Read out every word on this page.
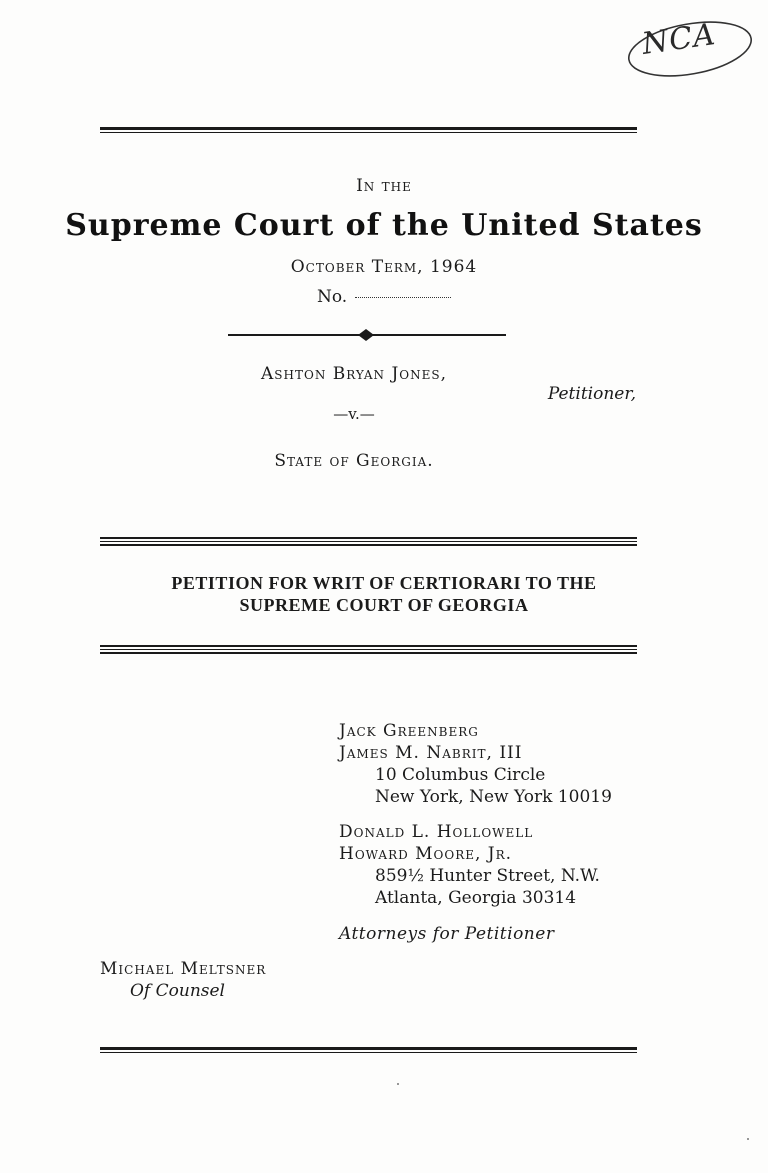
NCA
In the
Supreme Court of the United States
October Term, 1964
No.
Ashton Bryan Jones,
Petitioner,
—v.—
State of Georgia.
PETITION FOR WRIT OF CERTIORARI TO THE
SUPREME COURT OF GEORGIA
Jack Greenberg
James M. Nabrit, III
10 Columbus Circle
New York, New York 10019
Donald L. Hollowell
Howard Moore, Jr.
859½ Hunter Street, N.W.
Atlanta, Georgia 30314
Attorneys for Petitioner
Michael Meltsner
Of Counsel
